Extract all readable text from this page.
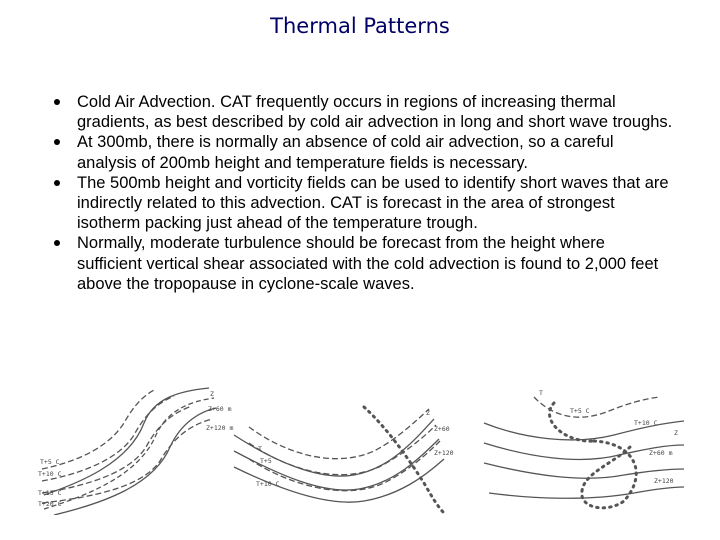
Thermal Patterns
Cold Air Advection. CAT frequently occurs in regions of increasing thermal gradients, as best described by cold air advection in long and short wave troughs.
At 300mb, there is normally an absence of cold air advection, so a careful analysis of 200mb height and temperature fields is necessary.
The 500mb height and vorticity fields can be used to identify short waves that are indirectly related to this advection. CAT is forecast in the area of strongest isotherm packing just ahead of the temperature trough.
Normally, moderate turbulence should be forecast from the height where sufficient vertical shear associated with the cold advection is found to 2,000 feet above the tropopause in cyclone-scale waves.
Z
Z+60 m
Z+120 m
T+5 C
T+10 C
T+15 C
T+20 C
Z
Z+60
T
T+5
Z+120
T+10 C
T
T+5 C
T+10 C
Z
Z+60 m
Z+120
